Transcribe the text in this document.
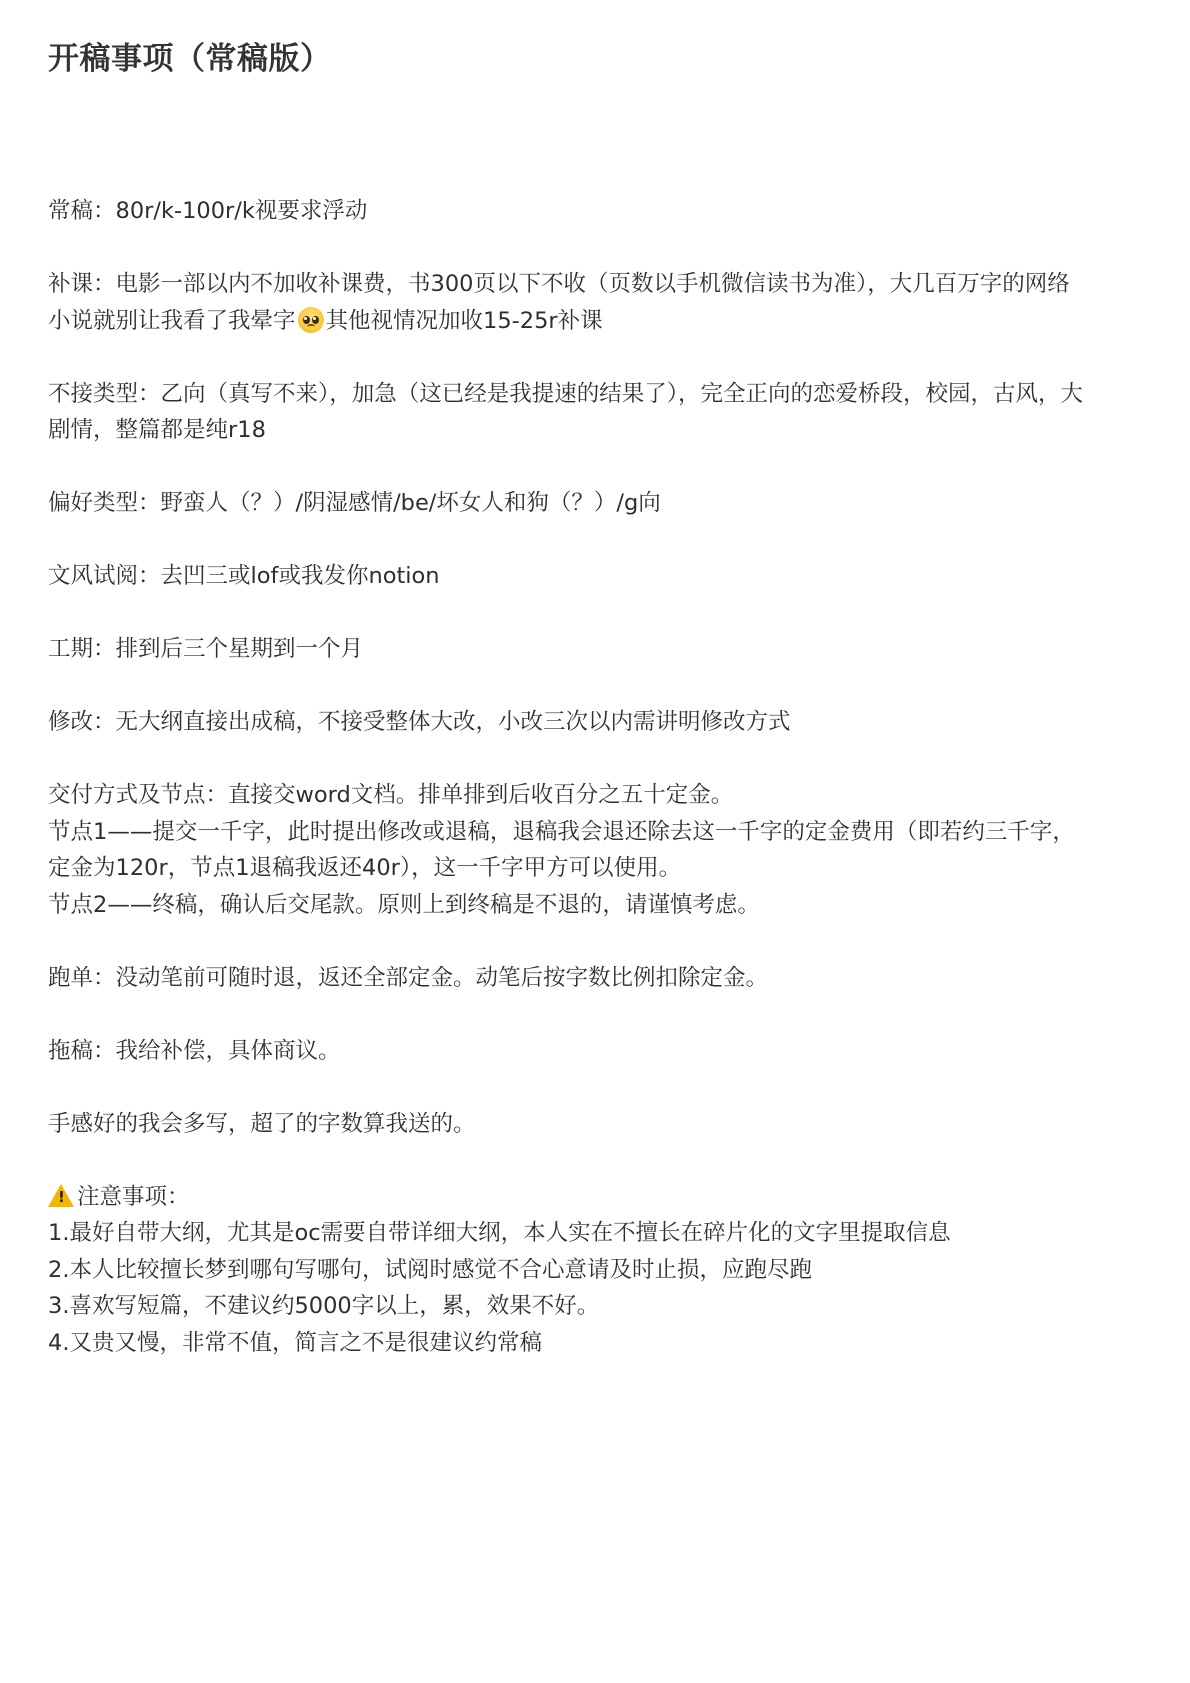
开稿事项（常稿版）
常稿：80r/k-100r/k视要求浮动
补课：电影一部以内不加收补课费，书300页以下不收（页数以手机微信读书为准），大几百万字的网络
小说就别让我看了我晕字 其他视情况加收15-25r补课
不接类型：乙向（真写不来），加急（这已经是我提速的结果了），完全正向的恋爱桥段，校园，古风，大
剧情，整篇都是纯r18
偏好类型：野蛮人（？）/阴湿感情/be/坏女人和狗（？）/g向
文风试阅：去凹三或lof或我发你notion
工期：排到后三个星期到一个月
修改：无大纲直接出成稿，不接受整体大改，小改三次以内需讲明修改方式
交付方式及节点：直接交word文档。排单排到后收百分之五十定金。
节点1——提交一千字，此时提出修改或退稿，退稿我会退还除去这一千字的定金费用（即若约三千字，
定金为120r，节点1退稿我返还40r），这一千字甲方可以使用。
节点2——终稿，确认后交尾款。原则上到终稿是不退的，请谨慎考虑。
跑单：没动笔前可随时退，返还全部定金。动笔后按字数比例扣除定金。
拖稿：我给补偿，具体商议。
手感好的我会多写，超了的字数算我送的。
!注意事项：
1.最好自带大纲，尤其是oc需要自带详细大纲，本人实在不擅长在碎片化的文字里提取信息
2.本人比较擅长梦到哪句写哪句，试阅时感觉不合心意请及时止损，应跑尽跑
3.喜欢写短篇，不建议约5000字以上，累，效果不好。
4.又贵又慢，非常不值，简言之不是很建议约常稿
